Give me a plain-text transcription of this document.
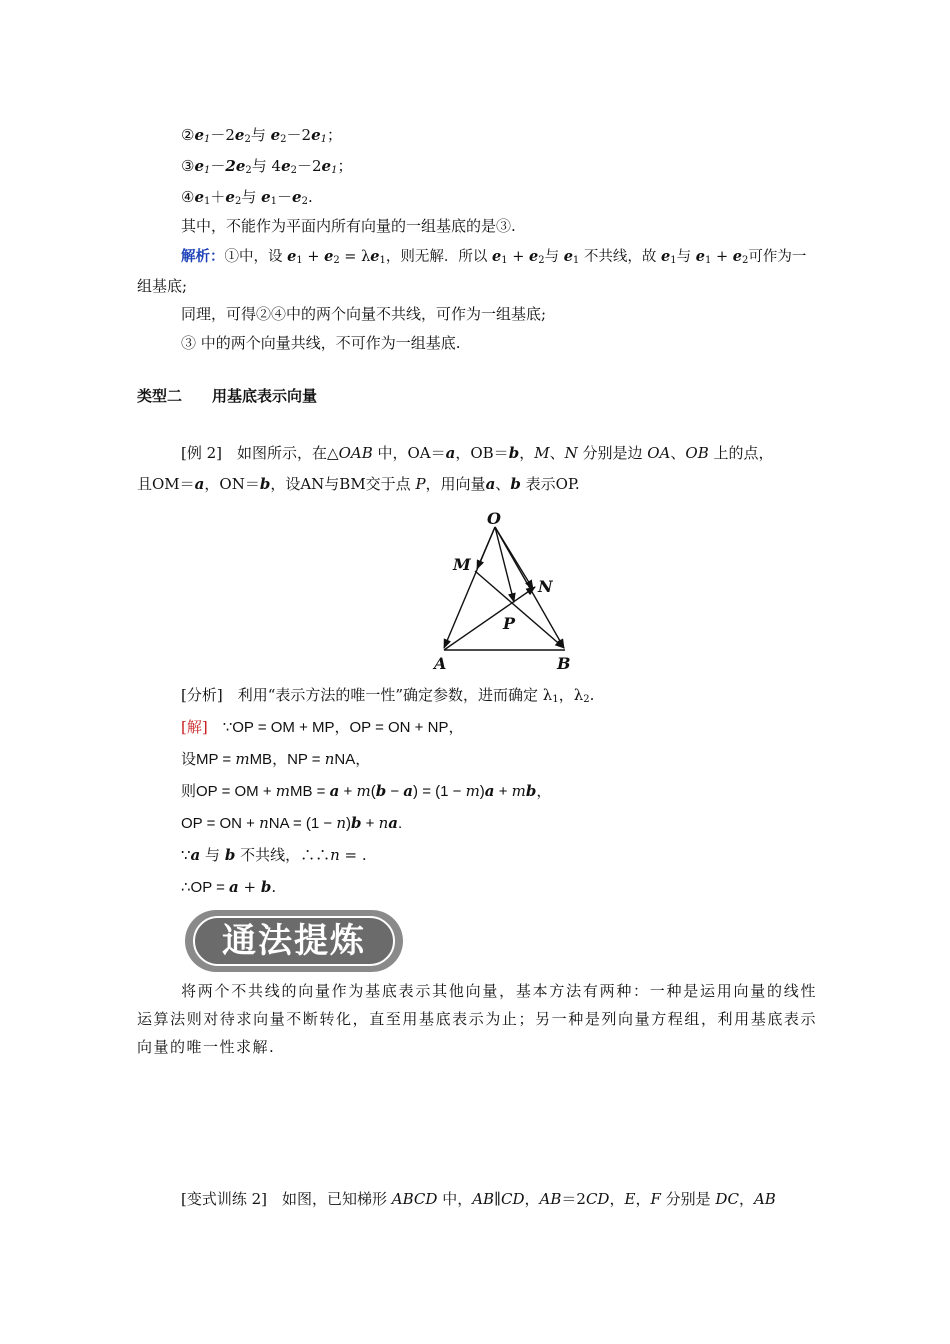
$②e_1-2e_2$与 $e_2-2e_1$；
$③e_1-2e_2$与 $4e_2-2e_1$；
$④e_1+e_2$与 $e_1-e_2$.
其中，不能作为平面内所有向量的一组基底的是③.
解析：①中，设 $e_1 + e_2 = \lambda e_1$，则无解．所以 $e_1 + e_2$与 $e_1$ 不共线，故 $e_1$与 $e_1 + e_2$可作为一
组基底;
同理，可得②④中的两个向量不共线，可作为一组基底;
③ 中的两个向量共线，不可作为一组基底.
类型二　　用基底表示向量
[例 2]　如图所示，在△OAB 中，OA＝a，OB＝b，M、N 分别是边 OA、OB 上的点，
且OM＝a，ON＝b，设AN与BM交于点 P，用向量a、b 表示OP.
O
M
N
P
A	B
[分析]　利用“表示方法的唯一性”确定参数，进而确定 $\lambda_1$，$\lambda_2$.
[解]　∵OP = OM + MP，OP = ON + NP，
设MP = mMB，NP = nNA，
则OP = OM + mMB = a + m(b − a) = (1 − m)a + mb，
OP = ON + nNA = (1 − n)b + na.
∵a 与 b 不共线，∴∴n = .
∴OP = a + b.
通法提炼
将两个不共线的向量作为基底表示其他向量，基本方法有两种：一种是运用向量的线性运算法则对待求向量不断转化，直至用基底表示为止；另一种是列向量方程组，利用基底表示向量的唯一性求解.
[变式训练 2]　如图，已知梯形 ABCD 中，AB∥CD，AB＝2CD，E，F 分别是 DC，AB
